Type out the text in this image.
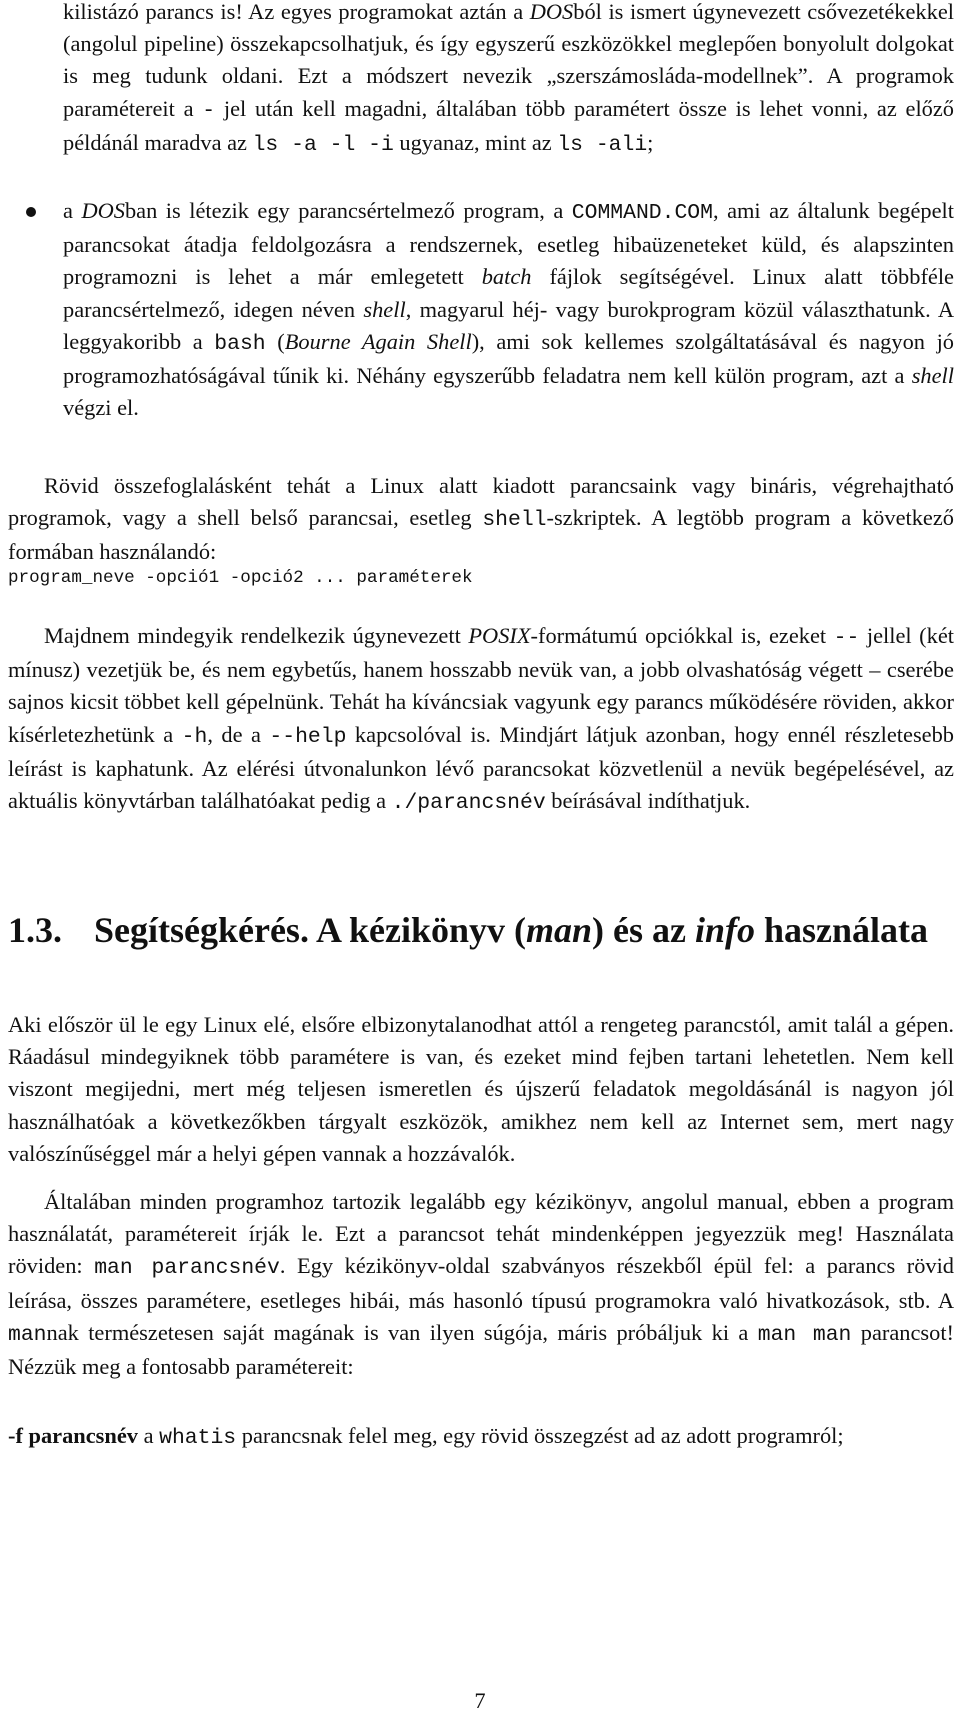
kilistázó parancs is! Az egyes programokat aztán a DOSból is ismert úgynevezett csővezetékekkel (angolul pipeline) összekapcsolhatjuk, és így egyszerű eszközökkel meglepően bonyolult dolgokat is meg tudunk oldani. Ezt a módszert nevezik „szerszámosláda-modellnek”. A programok paramétereit a - jel után kell magadni, általában több paramétert össze is lehet vonni, az előző példánál maradva az ls -a -l -i ugyanaz, mint az ls -ali;

a DOSban is létezik egy parancsértelmező program, a COMMAND.COM, ami az általunk begépelt parancsokat átadja feldolgozásra a rendszernek, esetleg hibaüzeneteket küld, és alapszinten programozni is lehet a már emlegetett batch fájlok segítségével. Linux alatt többféle parancsértelmező, idegen néven shell, magyarul héj- vagy burokprogram közül választhatunk. A leggyakoribb a bash (Bourne Again Shell), ami sok kellemes szolgáltatásával és nagyon jó programozhatóságával tűnik ki. Néhány egyszerűbb feladatra nem kell külön program, azt a shell végzi el.

Rövid összefoglalásként tehát a Linux alatt kiadott parancsaink vagy bináris, végrehajtható programok, vagy a shell belső parancsai, esetleg shell-szkriptek. A legtöbb program a következő formában használandó:

program_neve -opció1 -opció2 ... paraméterek

Majdnem mindegyik rendelkezik úgynevezett POSIX-formátumú opciókkal is, ezeket -- jellel (két mínusz) vezetjük be, és nem egybetűs, hanem hosszabb nevük van, a jobb olvashatóság végett – cserébe sajnos kicsit többet kell gépelnünk. Tehát ha kíváncsiak vagyunk egy parancs működésére röviden, akkor kísérletezhetünk a -h, de a --help kapcsolóval is. Mindjárt látjuk azonban, hogy ennél részletesebb leírást is kaphatunk. Az elérési útvonalunkon lévő parancsokat közvetlenül a nevük begépelésével, az aktuális könyvtárban találhatóakat pedig a ./parancsnév beírásával indíthatjuk.

1.3. Segítségkérés. A kézikönyv (man) és az info használata

Aki először ül le egy Linux elé, elsőre elbizonytalanodhat attól a rengeteg parancstól, amit talál a gépen. Ráadásul mindegyiknek több paramétere is van, és ezeket mind fejben tartani lehetetlen. Nem kell viszont megijedni, mert még teljesen ismeretlen és újszerű feladatok megoldásánál is nagyon jól használhatóak a következőkben tárgyalt eszközök, amikhez nem kell az Internet sem, mert nagy valószínűséggel már a helyi gépen vannak a hozzávalók.

Általában minden programhoz tartozik legalább egy kézikönyv, angolul manual, ebben a program használatát, paramétereit írják le. Ezt a parancsot tehát mindenképpen jegyezzük meg! Használata röviden: man parancsnév. Egy kézikönyv-oldal szabványos részekből épül fel: a parancs rövid leírása, összes paramétere, esetleges hibái, más hasonló típusú programokra való hivatkozások, stb. A mannak természetesen saját magának is van ilyen súgója, máris próbáljuk ki a man man parancsot! Nézzük meg a fontosabb paramétereit:

-f parancsnév a whatis parancsnak felel meg, egy rövid összegzést ad az adott programról;

7
